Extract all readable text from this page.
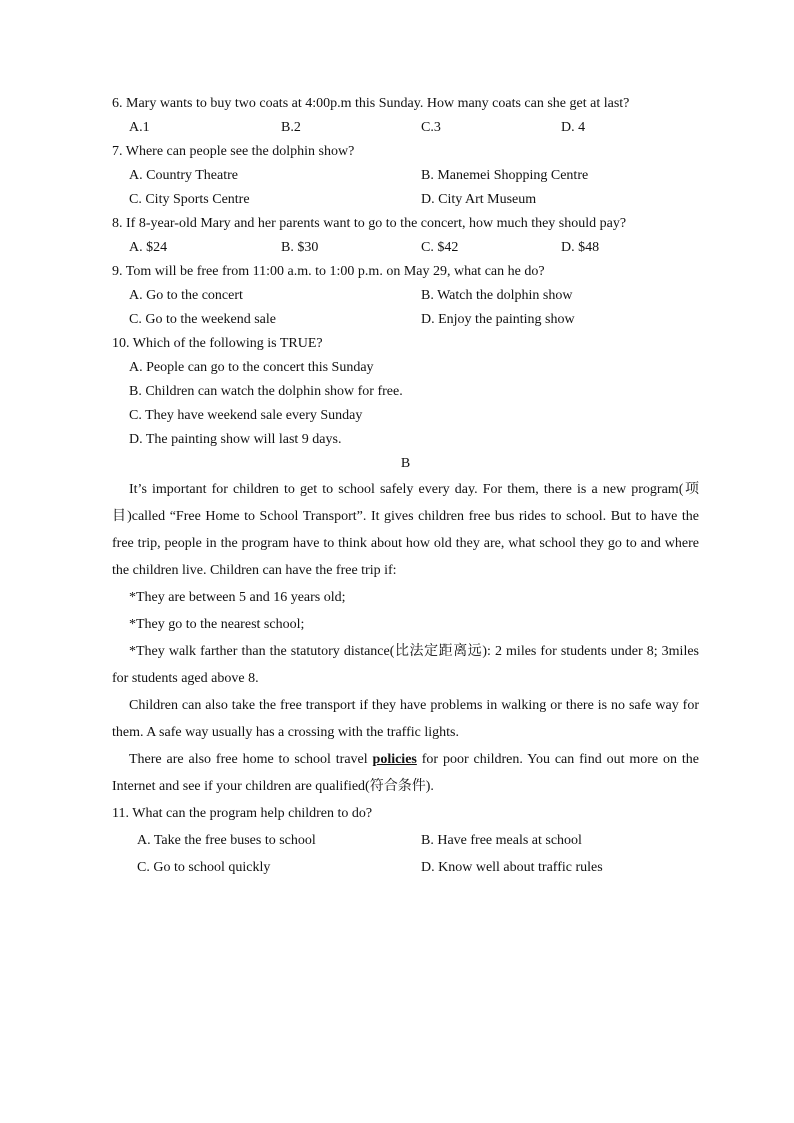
6. Mary wants to buy two coats at 4:00p.m this Sunday. How many coats can she get at last?
A.1	B.2	C.3	D. 4
7. Where can people see the dolphin show?
A. Country Theatre	B. Manemei Shopping Centre
C. City Sports Centre	D. City Art Museum
8. If 8-year-old Mary and her parents want to go to the concert, how much they should pay?
A. $24	B. $30	C. $42	D. $48
9. Tom will be free from 11:00 a.m. to 1:00 p.m. on May 29, what can he do?
A. Go to the concert	B. Watch the dolphin show
C. Go to the weekend sale	D. Enjoy the painting show
10. Which of the following is TRUE?
A. People can go to the concert this Sunday
B. Children can watch the dolphin show for free.
C. They have weekend sale every Sunday
D. The painting show will last 9 days.
B
It’s important for children to get to school safely every day. For them, there is a new program(项目)called “Free Home to School Transport”. It gives children free bus rides to school. But to have the free trip, people in the program have to think about how old they are, what school they go to and where the children live. Children can have the free trip if:
*They are between 5 and 16 years old;
*They go to the nearest school;
*They walk farther than the statutory distance(比法定距离远): 2 miles for students under 8; 3miles for students aged above 8.
Children can also take the free transport if they have problems in walking or there is no safe way for them. A safe way usually has a crossing with the traffic lights.
There are also free home to school travel policies for poor children. You can find out more on the Internet and see if your children are qualified(符合条件).
11. What can the program help children to do?
A. Take the free buses to school	B. Have free meals at school
C. Go to school quickly	D. Know well about traffic rules
